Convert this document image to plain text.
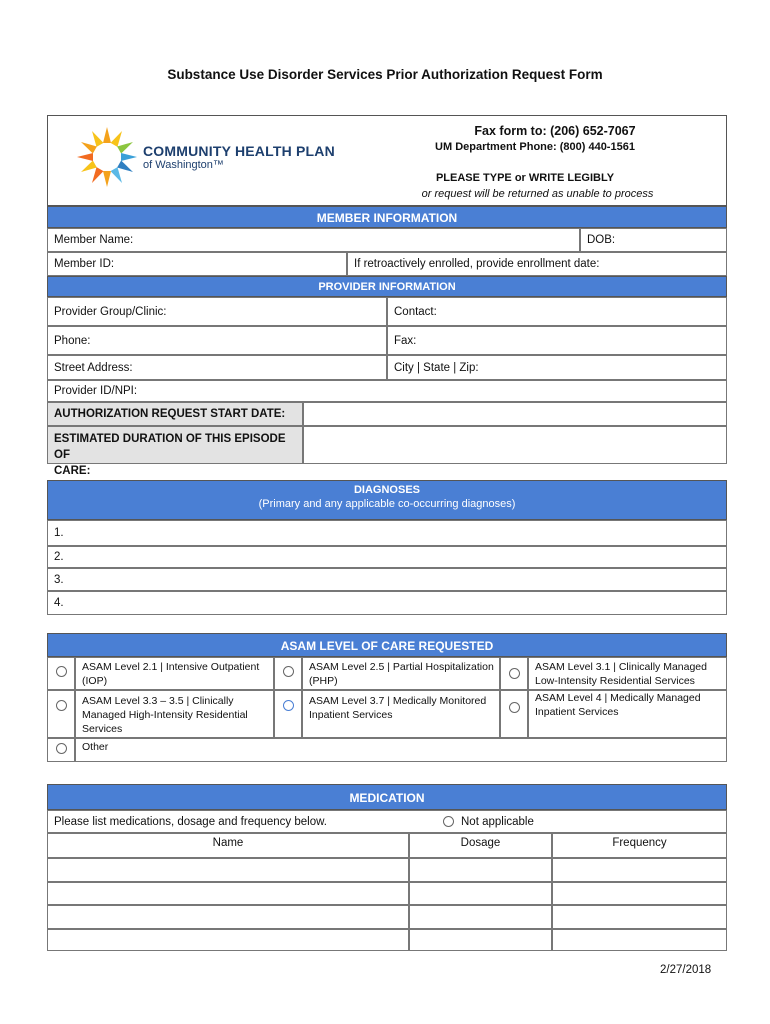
Substance Use Disorder Services Prior Authorization Request Form
COMMUNITY HEALTH PLAN
of Washington™
Fax form to: (206) 652-7067
UM Department Phone: (800) 440-1561
PLEASE TYPE or WRITE LEGIBLY
or request will be returned as unable to process
MEMBER INFORMATION
Member Name:	DOB:
Member ID:	If retroactively enrolled, provide enrollment date:
PROVIDER INFORMATION
Provider Group/Clinic:	Contact:
Phone:	Fax:
Street Address:	City | State | Zip:
Provider ID/NPI:
AUTHORIZATION REQUEST START DATE:
ESTIMATED DURATION OF THIS EPISODE OF
CARE:
DIAGNOSES
(Primary and any applicable co-occurring diagnoses)
1.
2.
3.
4.
ASAM LEVEL OF CARE REQUESTED
ASAM Level 2.1 | Intensive Outpatient
(IOP)
ASAM Level 2.5 | Partial Hospitalization
(PHP)
ASAM Level 3.1 | Clinically Managed
Low-Intensity Residential Services
ASAM Level 3.3 – 3.5 | Clinically
Managed High-Intensity Residential
Services
ASAM Level 3.7 | Medically Monitored
Inpatient Services
ASAM Level 4 | Medically Managed
Inpatient Services
Other
MEDICATION
Please list medications, dosage and frequency below.	Not applicable
Name	Dosage	Frequency
2/27/2018
